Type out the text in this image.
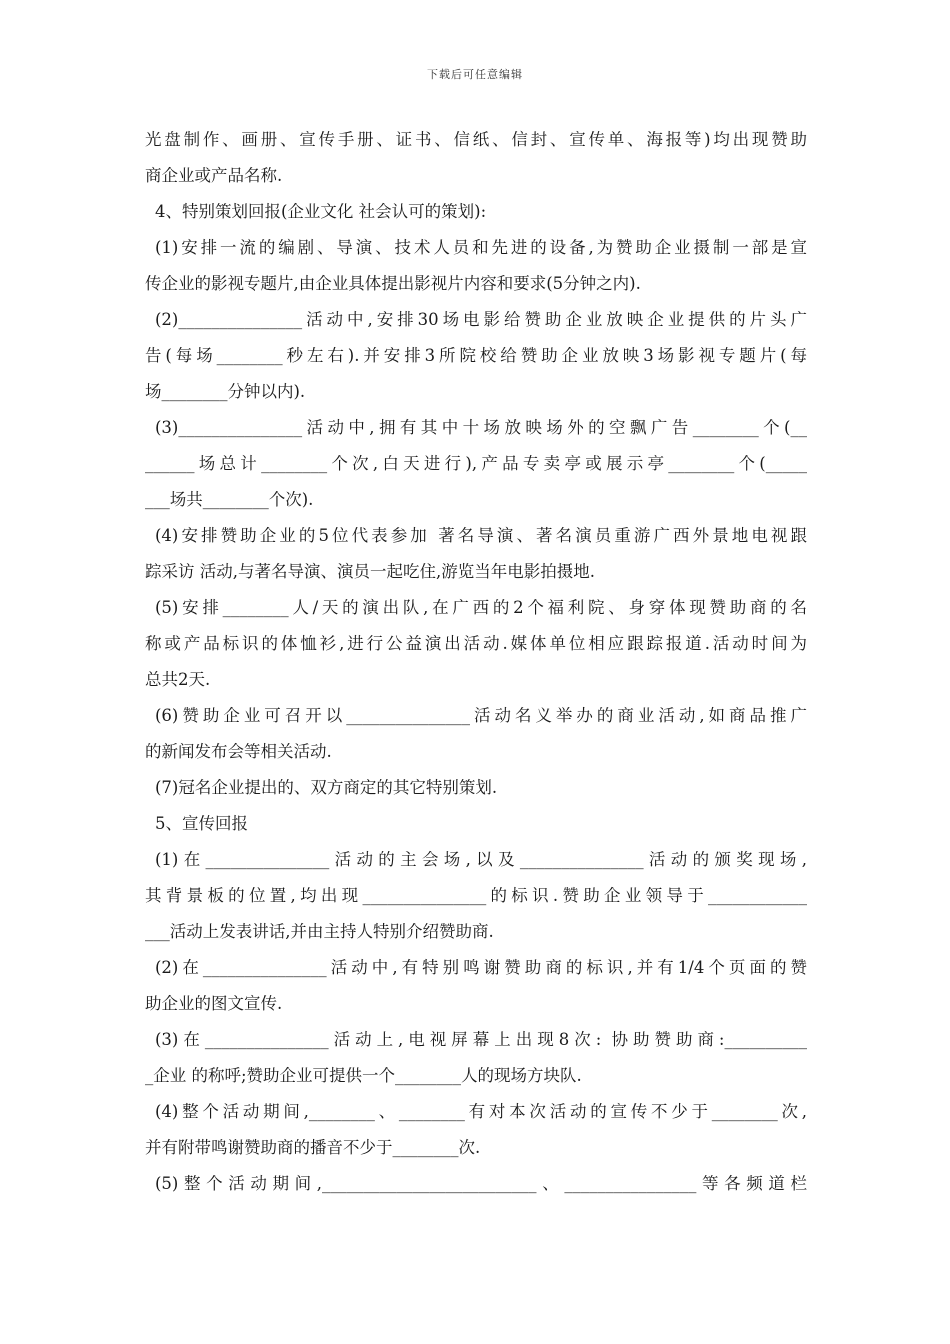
下载后可任意编辑
光盘制作、画册、宣传手册、证书、信纸、信封、宣传单、海报等)均出现赞助
商企业或产品名称.
4、特别策划回报(企业文化 社会认可的策划):
(1)安排一流的编剧、导演、技术人员和先进的设备,为赞助企业摄制一部是宣
传企业的影视专题片,由企业具体提出影视片内容和要求(5分钟之内).
(2)_______________活动中,安排30场电影给赞助企业放映企业提供的片头广
告(每场________秒左右).并安排3所院校给赞助企业放映3场影视专题片(每
场________分钟以内).
(3)_______________活动中,拥有其中十场放映场外的空飘广告________个(__
______场总计________个次,白天进行),产品专卖亭或展示亭________个(_____
___场共________个次).
(4)安排赞助企业的5位代表参加 著名导演、著名演员重游广西外景地电视跟
踪采访 活动,与著名导演、演员一起吃住,游览当年电影拍摄地.
(5)安排________人/天的演出队,在广西的2个福利院、身穿体现赞助商的名
称或产品标识的体恤衫,进行公益演出活动.媒体单位相应跟踪报道.活动时间为
总共2天.
(6)赞助企业可召开以_______________活动名义举办的商业活动,如商品推广
的新闻发布会等相关活动.
(7)冠名企业提出的、双方商定的其它特别策划.
5、宣传回报
(1)在_______________活动的主会场,以及_______________活动的颁奖现场,
其背景板的位置,均出现_______________的标识.赞助企业领导于____________
___活动上发表讲话,并由主持人特别介绍赞助商.
(2)在_______________活动中,有特别鸣谢赞助商的标识,并有1/4个页面的赞
助企业的图文宣传.
(3)在_______________活动上,电视屏幕上出现8次: 协助赞助商:__________
_企业 的称呼;赞助企业可提供一个________人的现场方块队.
(4)整个活动期间,________、________有对本次活动的宣传不少于________次,
并有附带鸣谢赞助商的播音不少于________次.
(5)整个活动期间,__________________________、________________等各频道栏
